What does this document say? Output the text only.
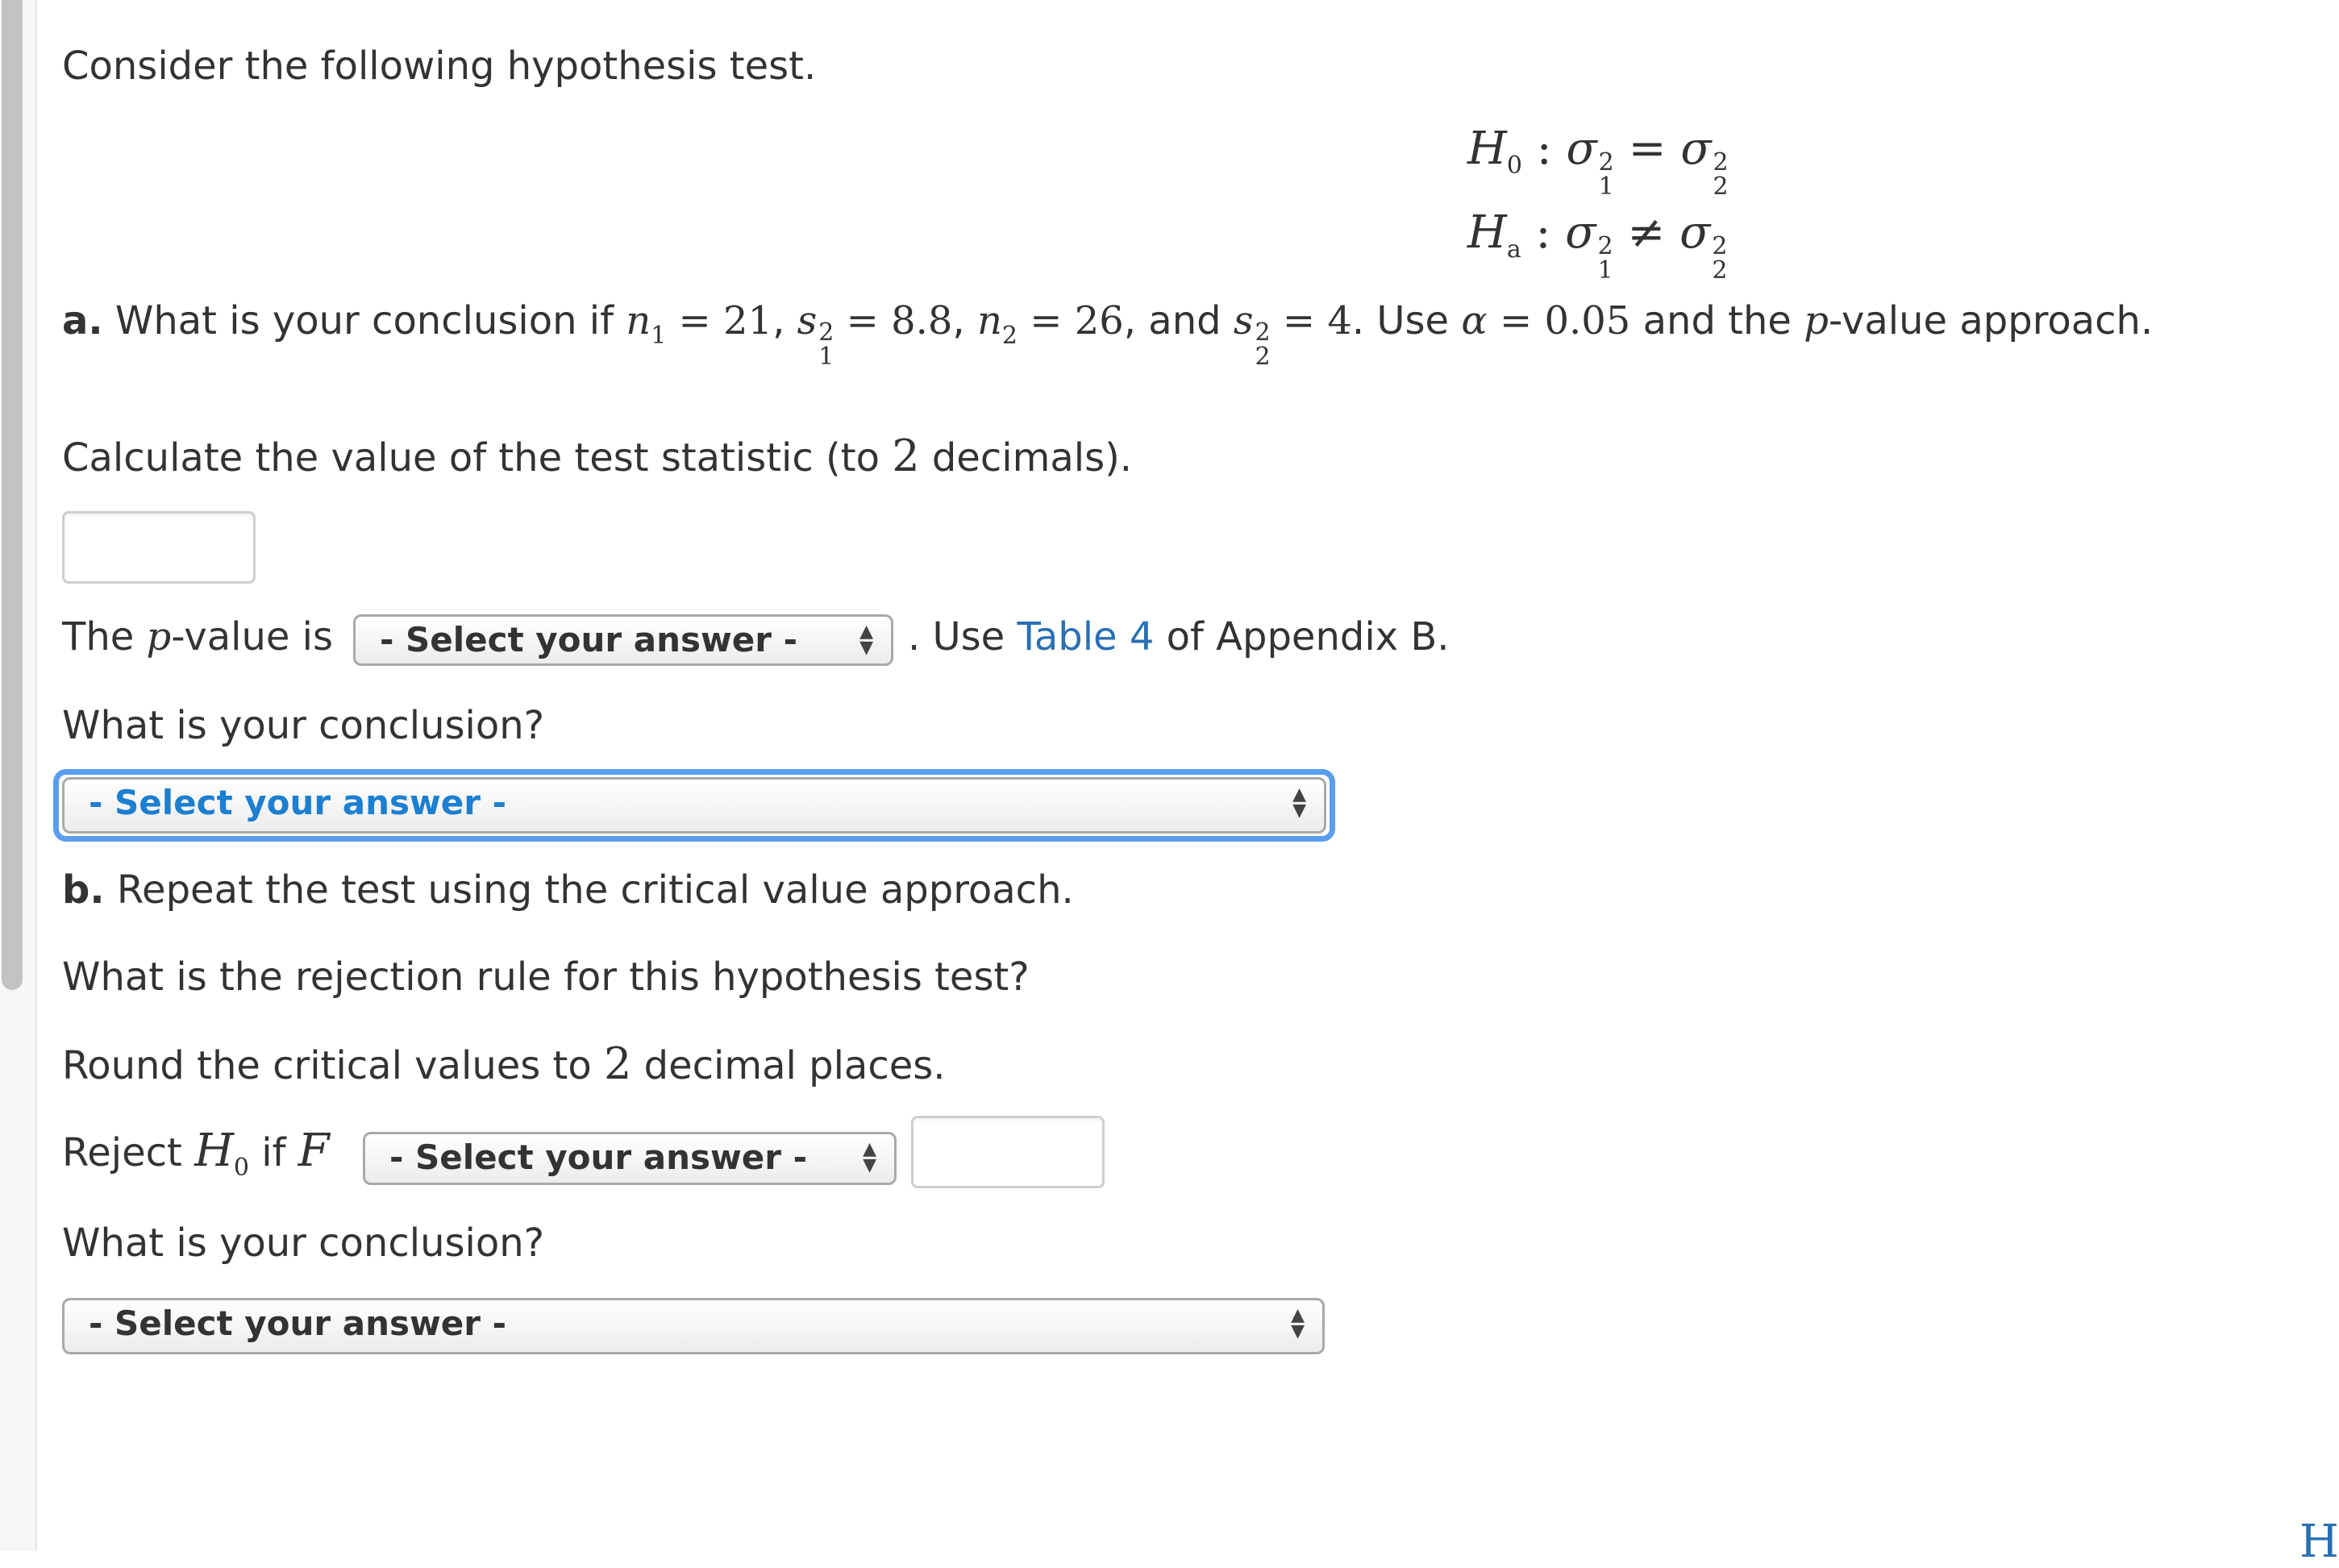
Consider the following hypothesis test.
$H_0$ : σ 2
1
= σ 2
2
$H_a$ : σ 2
1
≠ σ 2
2
a. What is your conclusion if $n_1 = 21$, s 2
1
= 8.8, $n_2 = 26$, and s 2
2
= 4. Use α = 0.05 and the p-value approach.
Calculate the value of the test statistic (to 2 decimals).
The p-value is	- Select your answer -	▲
▼ . Use Table 4 of Appendix B.
What is your conclusion?
- Select your answer -	▲
▼
b. Repeat the test using the critical value approach.
What is the rejection rule for this hypothesis test?
Round the critical values to 2 decimal places.
Reject $H_0$ if F	- Select your answer -	▲
▼
What is your conclusion?
- Select your answer -	▲
▼
H
